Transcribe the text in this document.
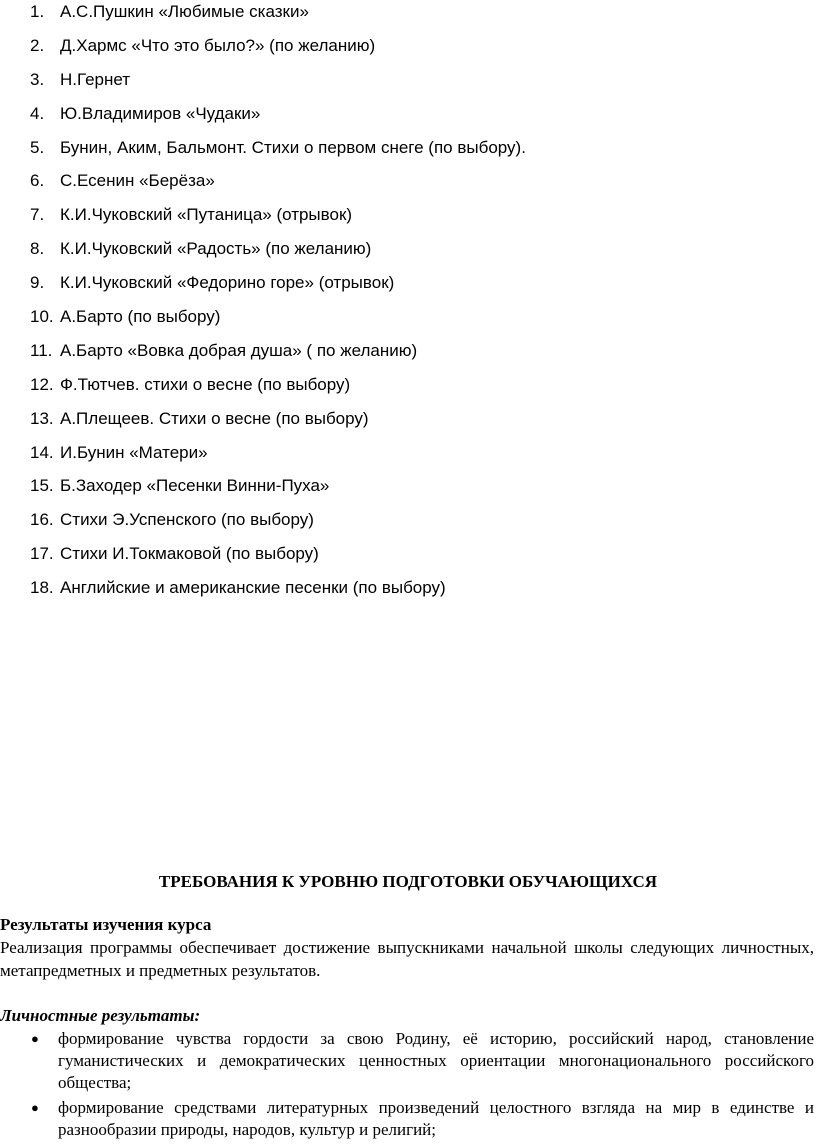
1. А.С.Пушкин «Любимые сказки»
2. Д.Хармс «Что это было?» (по желанию)
3. Н.Гернет
4. Ю.Владимиров «Чудаки»
5. Бунин, Аким, Бальмонт. Стихи о первом снеге (по выбору).
6. С.Есенин «Берёза»
7. К.И.Чуковский «Путаница» (отрывок)
8. К.И.Чуковский «Радость» (по желанию)
9. К.И.Чуковский «Федорино горе» (отрывок)
10. А.Барто (по выбору)
11. А.Барто «Вовка добрая душа» ( по желанию)
12. Ф.Тютчев. стихи о весне (по выбору)
13. А.Плещеев. Стихи о весне (по выбору)
14. И.Бунин «Матери»
15. Б.Заходер «Песенки Винни-Пуха»
16. Стихи Э.Успенского (по выбору)
17. Стихи И.Токмаковой (по выбору)
18. Английские и американские песенки (по выбору)
ТРЕБОВАНИЯ К УРОВНЮ ПОДГОТОВКИ ОБУЧАЮЩИХСЯ
Результаты изучения курса

Реализация программы обеспечивает достижение выпускниками начальной школы следующих личностных, метапредметных и предметных результатов.

Личностные результаты:
● формирование чувства гордости за свою Родину, её историю, российский народ, становление гуманистических и демократических ценностных ориентации многонационального российского общества;
● формирование средствами литературных произведений целостного взгляда на мир в единстве и разнообразии природы, народов, культур и религий;
